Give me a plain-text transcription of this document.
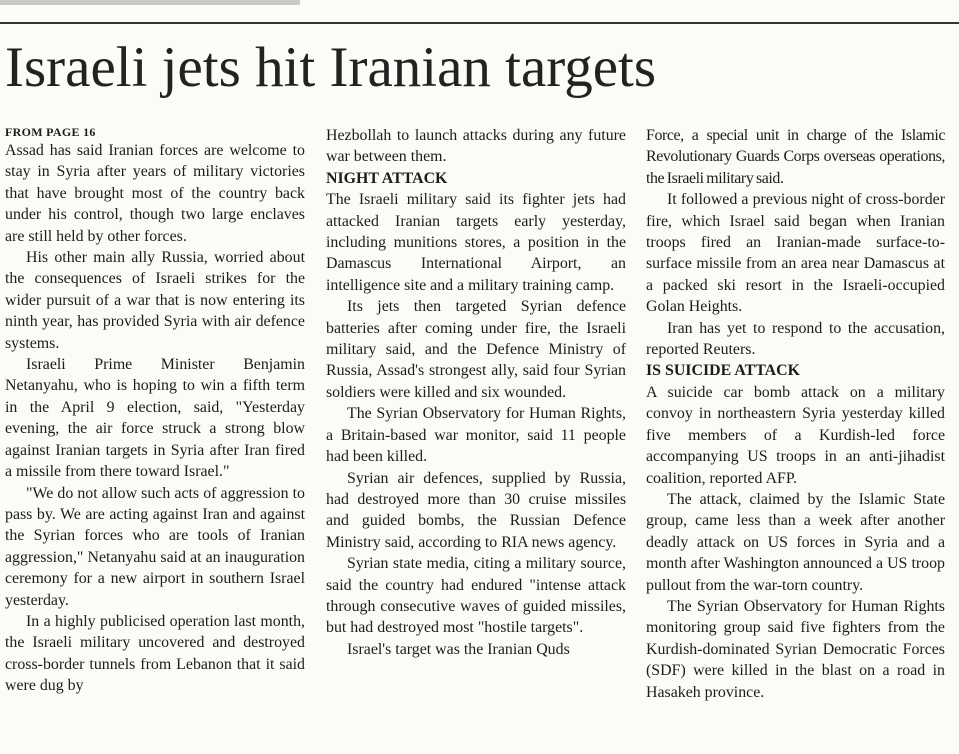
Israeli jets hit Iranian targets
FROM PAGE 16

Assad has said Iranian forces are welcome to stay in Syria after years of military victories that have brought most of the country back under his control, though two large enclaves are still held by other forces.

His other main ally Russia, worried about the consequences of Israeli strikes for the wider pursuit of a war that is now entering its ninth year, has provided Syria with air defence systems.

Israeli Prime Minister Benjamin Netanyahu, who is hoping to win a fifth term in the April 9 election, said, "Yesterday evening, the air force struck a strong blow against Iranian targets in Syria after Iran fired a missile from there toward Israel."

"We do not allow such acts of aggression to pass by. We are acting against Iran and against the Syrian forces who are tools of Iranian aggression," Netanyahu said at an inauguration ceremony for a new airport in southern Israel yesterday.

In a highly publicised operation last month, the Israeli military uncovered and destroyed cross-border tunnels from Lebanon that it said were dug by

Hezbollah to launch attacks during any future war between them.

NIGHT ATTACK

The Israeli military said its fighter jets had attacked Iranian targets early yesterday, including munitions stores, a position in the Damascus International Airport, an intelligence site and a military training camp.

Its jets then targeted Syrian defence batteries after coming under fire, the Israeli military said, and the Defence Ministry of Russia, Assad's strongest ally, said four Syrian soldiers were killed and six wounded.

The Syrian Observatory for Human Rights, a Britain-based war monitor, said 11 people had been killed.

Syrian air defences, supplied by Russia, had destroyed more than 30 cruise missiles and guided bombs, the Russian Defence Ministry said, according to RIA news agency.

Syrian state media, citing a military source, said the country had endured "intense attack through consecutive waves of guided missiles, but had destroyed most "hostile targets".

Israel's target was the Iranian Quds

Force, a special unit in charge of the Islamic Revolutionary Guards Corps overseas operations, the Israeli military said.

It followed a previous night of cross-border fire, which Israel said began when Iranian troops fired an Iranian-made surface-to-surface missile from an area near Damascus at a packed ski resort in the Israeli-occupied Golan Heights.

Iran has yet to respond to the accusation, reported Reuters.

IS SUICIDE ATTACK

A suicide car bomb attack on a military convoy in northeastern Syria yesterday killed five members of a Kurdish-led force accompanying US troops in an anti-jihadist coalition, reported AFP.

The attack, claimed by the Islamic State group, came less than a week after another deadly attack on US forces in Syria and a month after Washington announced a US troop pullout from the war-torn country.

The Syrian Observatory for Human Rights monitoring group said five fighters from the Kurdish-dominated Syrian Democratic Forces (SDF) were killed in the blast on a road in Hasakeh province.
